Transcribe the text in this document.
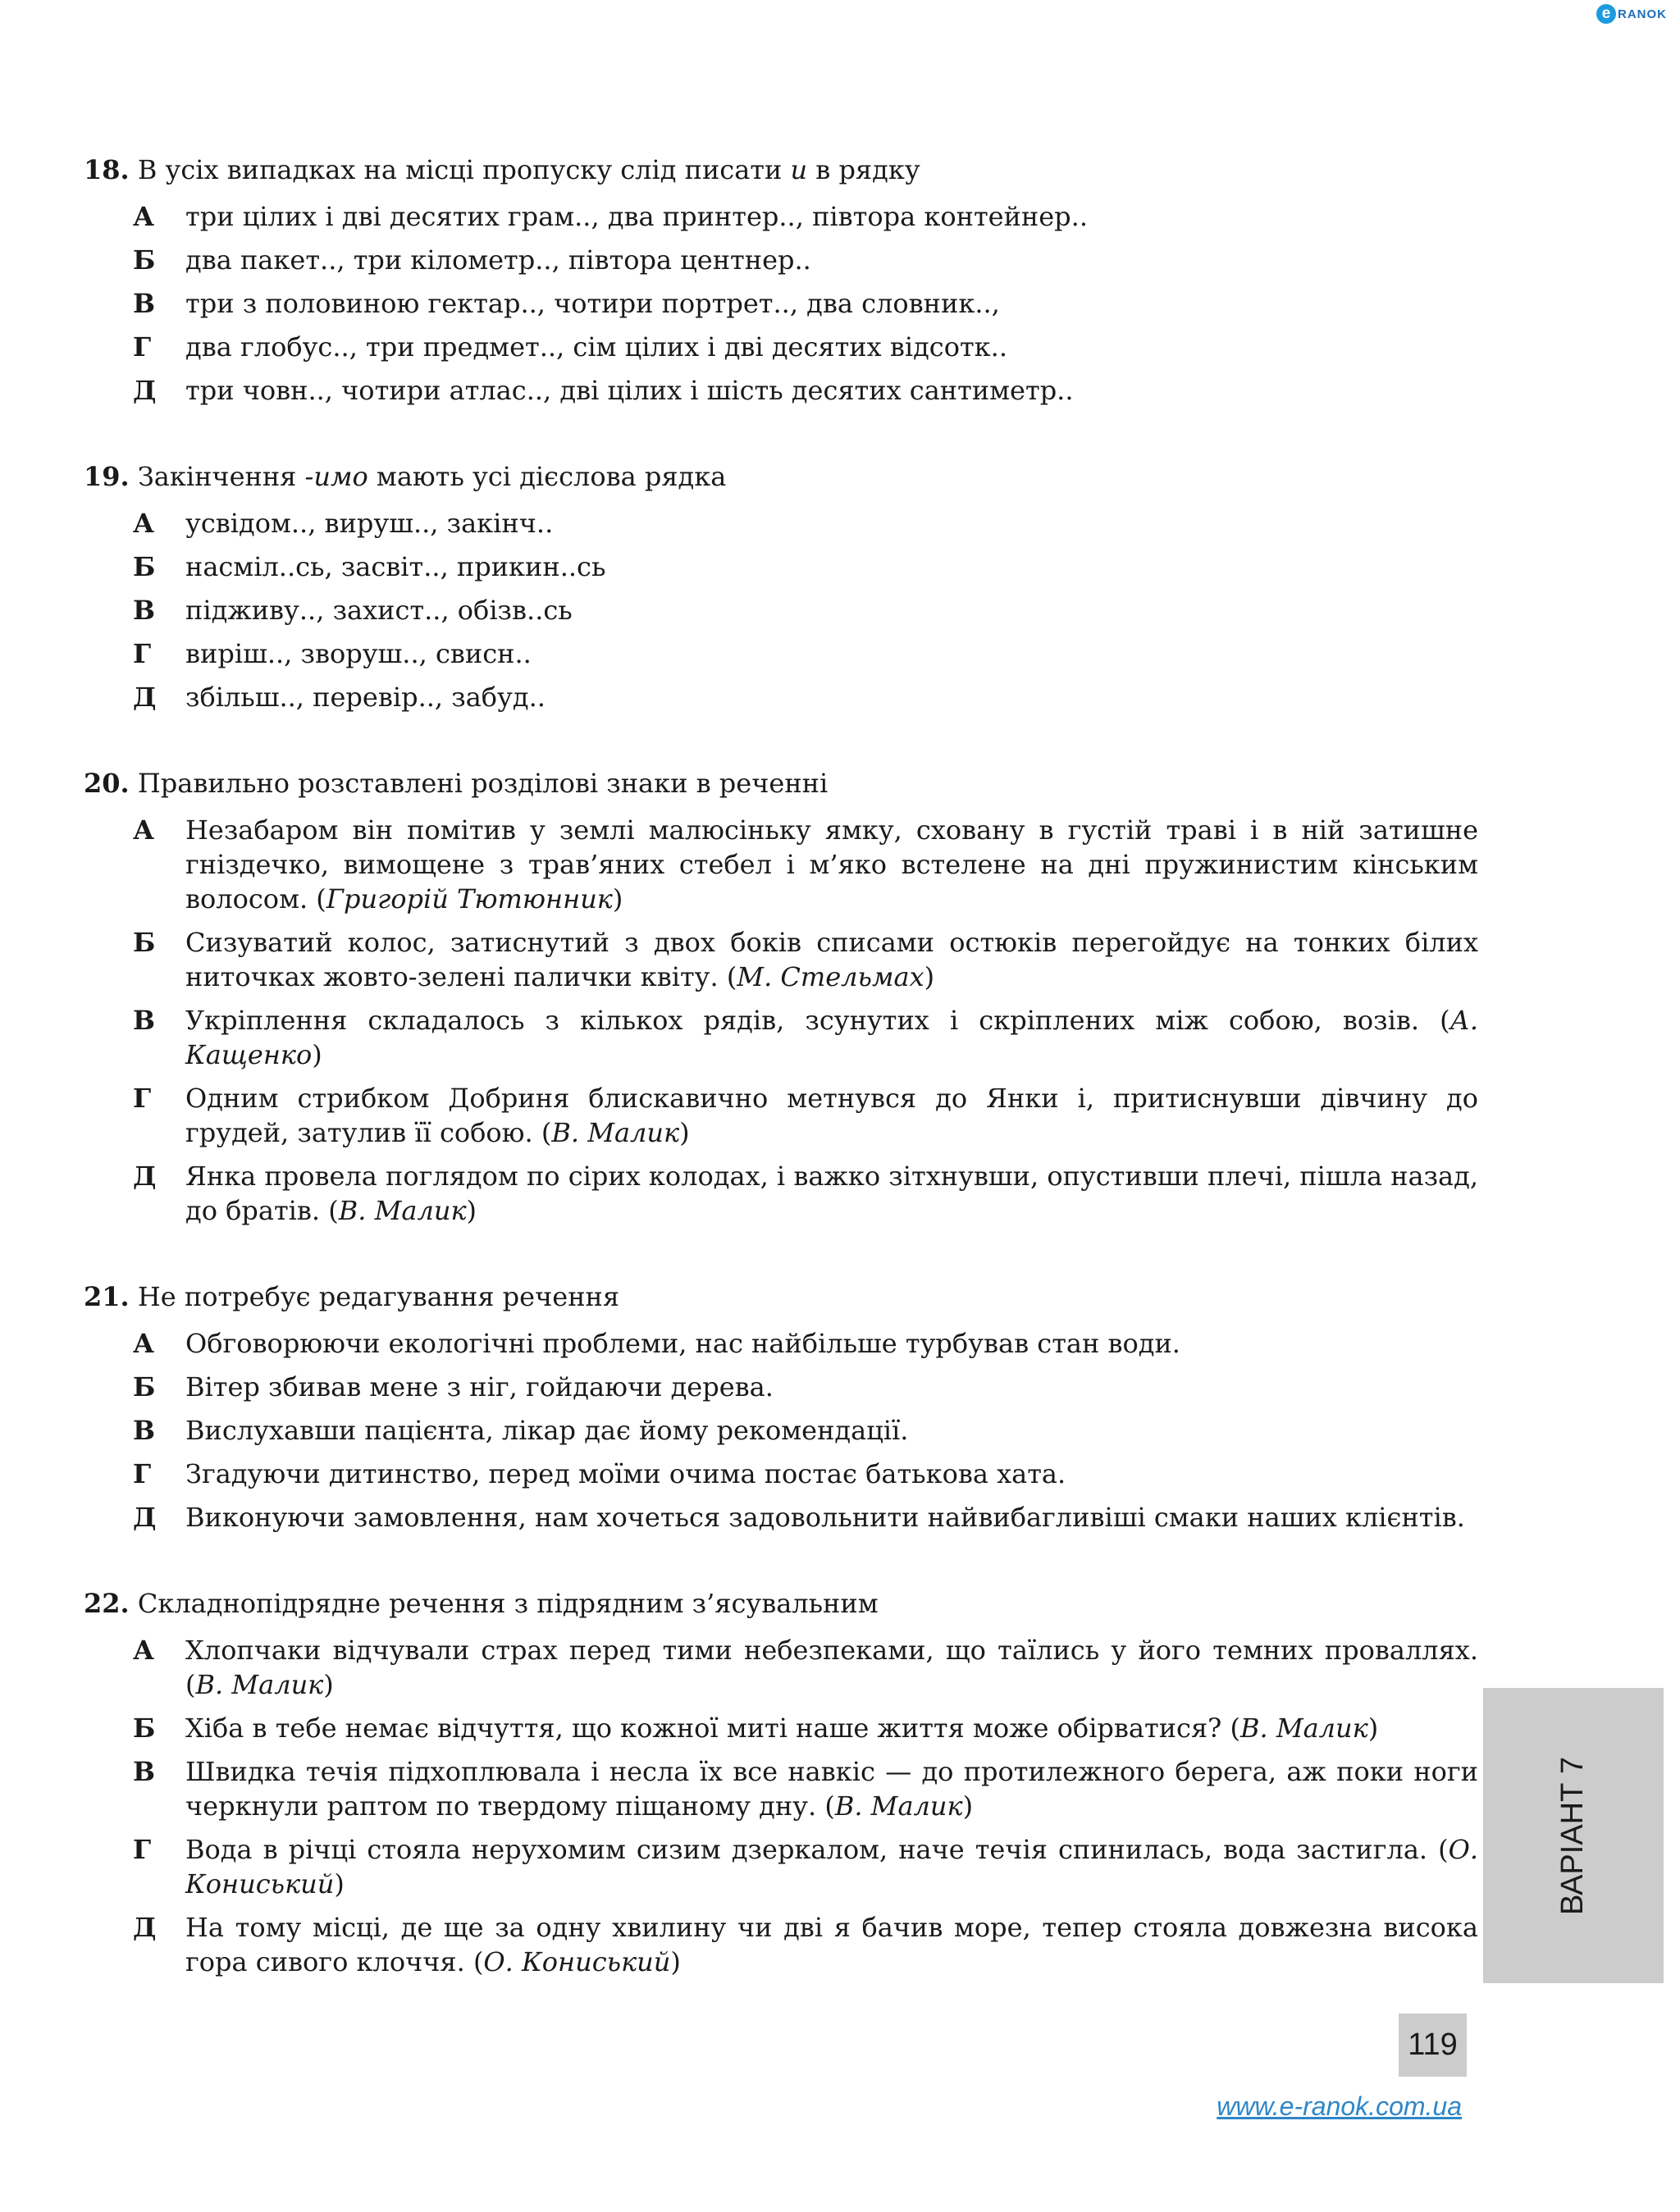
e RANOK
18. В усіх випадках на місці пропуску слід писати и в рядку
А	три цілих і дві десятих грам.., два принтер.., півтора контейнер..
Б	два пакет.., три кілометр.., півтора центнер..
В	три з половиною гектар.., чотири портрет.., два словник..,
Г	два глобус.., три предмет.., сім цілих і дві десятих відсотк..
Д	три човн.., чотири атлас.., дві цілих і шість десятих сантиметр..
19. Закінчення -имо мають усі дієслова рядка
А	усвідом.., вируш.., закінч..
Б	насміл..сь, засвіт.., прикин..сь
В	підживу.., захист.., обізв..сь
Г	виріш.., зворуш.., свисн..
Д	збільш.., перевір.., забуд..
20. Правильно розставлені розділові знаки в реченні
А	Незабаром він помітив у землі малюсіньку ямку, сховану в густій траві і в ній затишне гніздечко, вимощене з трав’яних стебел і м’яко встелене на дні пружинистим кінським волосом. (Григорій Тютюнник)
Б	Сизуватий колос, затиснутий з двох боків списами остюків перегойдує на тонких білих ниточках жовто-зелені палички квіту. (М. Стельмах)
В	Укріплення складалось з кількох рядів, зсунутих і скріплених між собою, возів. (А. Кащенко)
Г	Одним стрибком Добриня блискавично метнувся до Янки і, притиснувши дівчину до грудей, затулив її собою. (В. Малик)
Д	Янка провела поглядом по сірих колодах, і важко зітхнувши, опустивши плечі, пішла назад, до братів. (В. Малик)
21. Не потребує редагування речення
А	Обговорюючи екологічні проблеми, нас найбільше турбував стан води.
Б	Вітер збивав мене з ніг, гойдаючи дерева.
В	Вислухавши пацієнта, лікар дає йому рекомендації.
Г	Згадуючи дитинство, перед моїми очима постає батькова хата.
Д	Виконуючи замовлення, нам хочеться задовольнити найвибагливіші смаки наших клієнтів.
22. Складнопідрядне речення з підрядним з’ясувальним
А	Хлопчаки відчували страх перед тими небезпеками, що таїлись у його темних проваллях. (В. Малик)
Б	Хіба в тебе немає відчуття, що кожної миті наше життя може обірватися? (В. Малик)
В	Швидка течія підхоплювала і несла їх все навкіс — до протилежного берега, аж поки ноги черкнули раптом по твердому піщаному дну. (В. Малик)
Г	Вода в річці стояла нерухомим сизим дзеркалом, наче течія спинилась, вода застигла. (О. Кониський)
Д	На тому місці, де ще за одну хвилину чи дві я бачив море, тепер стояла довжезна висока гора сивого клоччя. (О. Кониський)
ВАРІАНТ 7
119
www.e-ranok.com.ua
